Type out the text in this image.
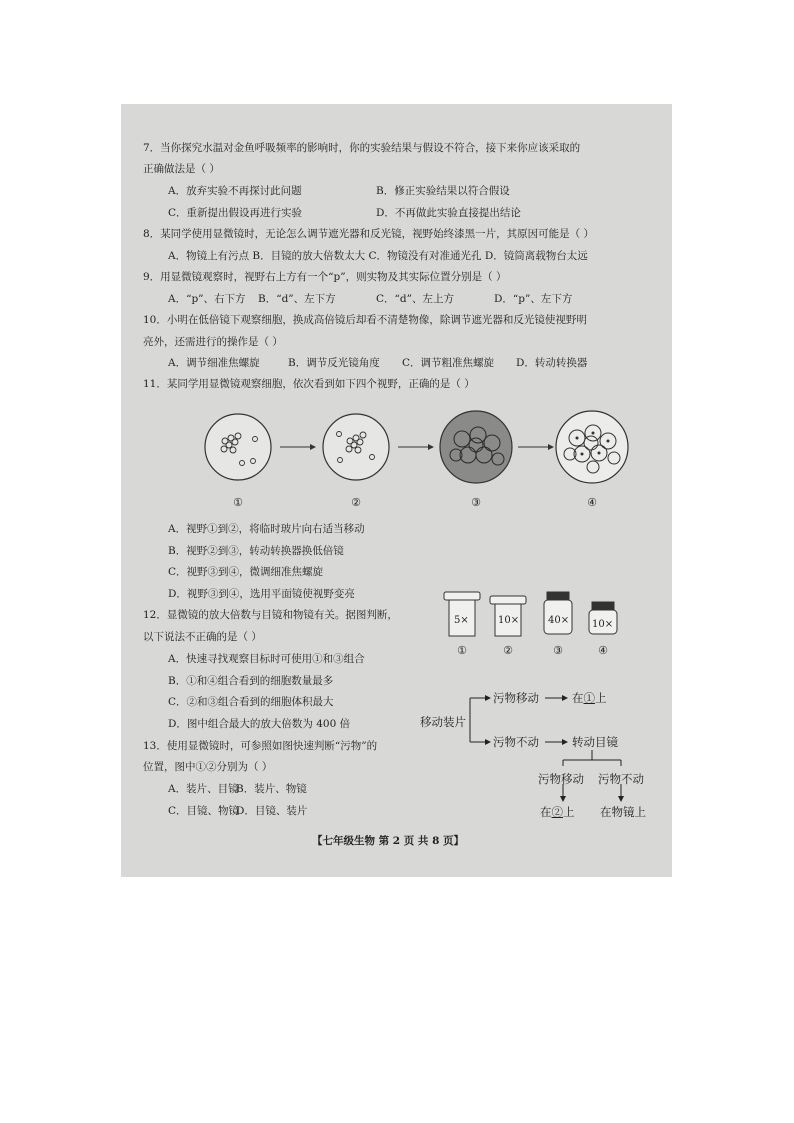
7．当你探究水温对金鱼呼吸频率的影响时，你的实验结果与假设不符合，接下来你应该采取的
正确做法是（ ）
A．放弃实验不再探讨此问题	B．修正实验结果以符合假设
C．重新提出假设再进行实验	D．不再做此实验直接提出结论
8．某同学使用显微镜时，无论怎么调节遮光器和反光镜，视野始终漆黑一片，其原因可能是（ ）
A．物镜上有污点 B．目镜的放大倍数太大 C．物镜没有对准通光孔 D．镜筒离载物台太远
9．用显微镜观察时，视野右上方有一个“p”，则实物及其实际位置分别是（ ）
A．“p”、右下方 B．“d”、左下方	C．“d”、左上方	D．“p”、左下方
10．小明在低倍镜下观察细胞，换成高倍镜后却看不清楚物像，除调节遮光器和反光镜使视野明
亮外，还需进行的操作是（ ）
A．调节细准焦螺旋	B．调节反光镜角度 C．调节粗准焦螺旋 D．转动转换器
11．某同学用显微镜观察细胞，依次看到如下四个视野，正确的是（ ）
①	②	③	④
A．视野①到②，将临时玻片向右适当移动
B．视野②到③，转动转换器换低倍镜
C．视野③到④，微调细准焦螺旋
D．视野③到④，选用平面镜使视野变亮
12．显微镜的放大倍数与目镜和物镜有关。据图判断，
以下说法不正确的是（ ）
A．快速寻找观察目标时可使用①和③组合
B．①和④组合看到的细胞数量最多
C．②和③组合看到的细胞体积最大
D．图中组合最大的放大倍数为 400 倍
5×	10×	40× 10×
①	②	③	④
13．使用显微镜时，可参照如图快速判断“污物”的
位置，图中①②分别为（ ）
A．装片、目镜
B．装片、物镜
C．目镜、物镜
D．目镜、装片
移动装片
污物移动	在①上
污物不动	转动目镜
污物移动 污物不动
在②上 在物镜上
【七年级生物 第 2 页 共 8 页】
